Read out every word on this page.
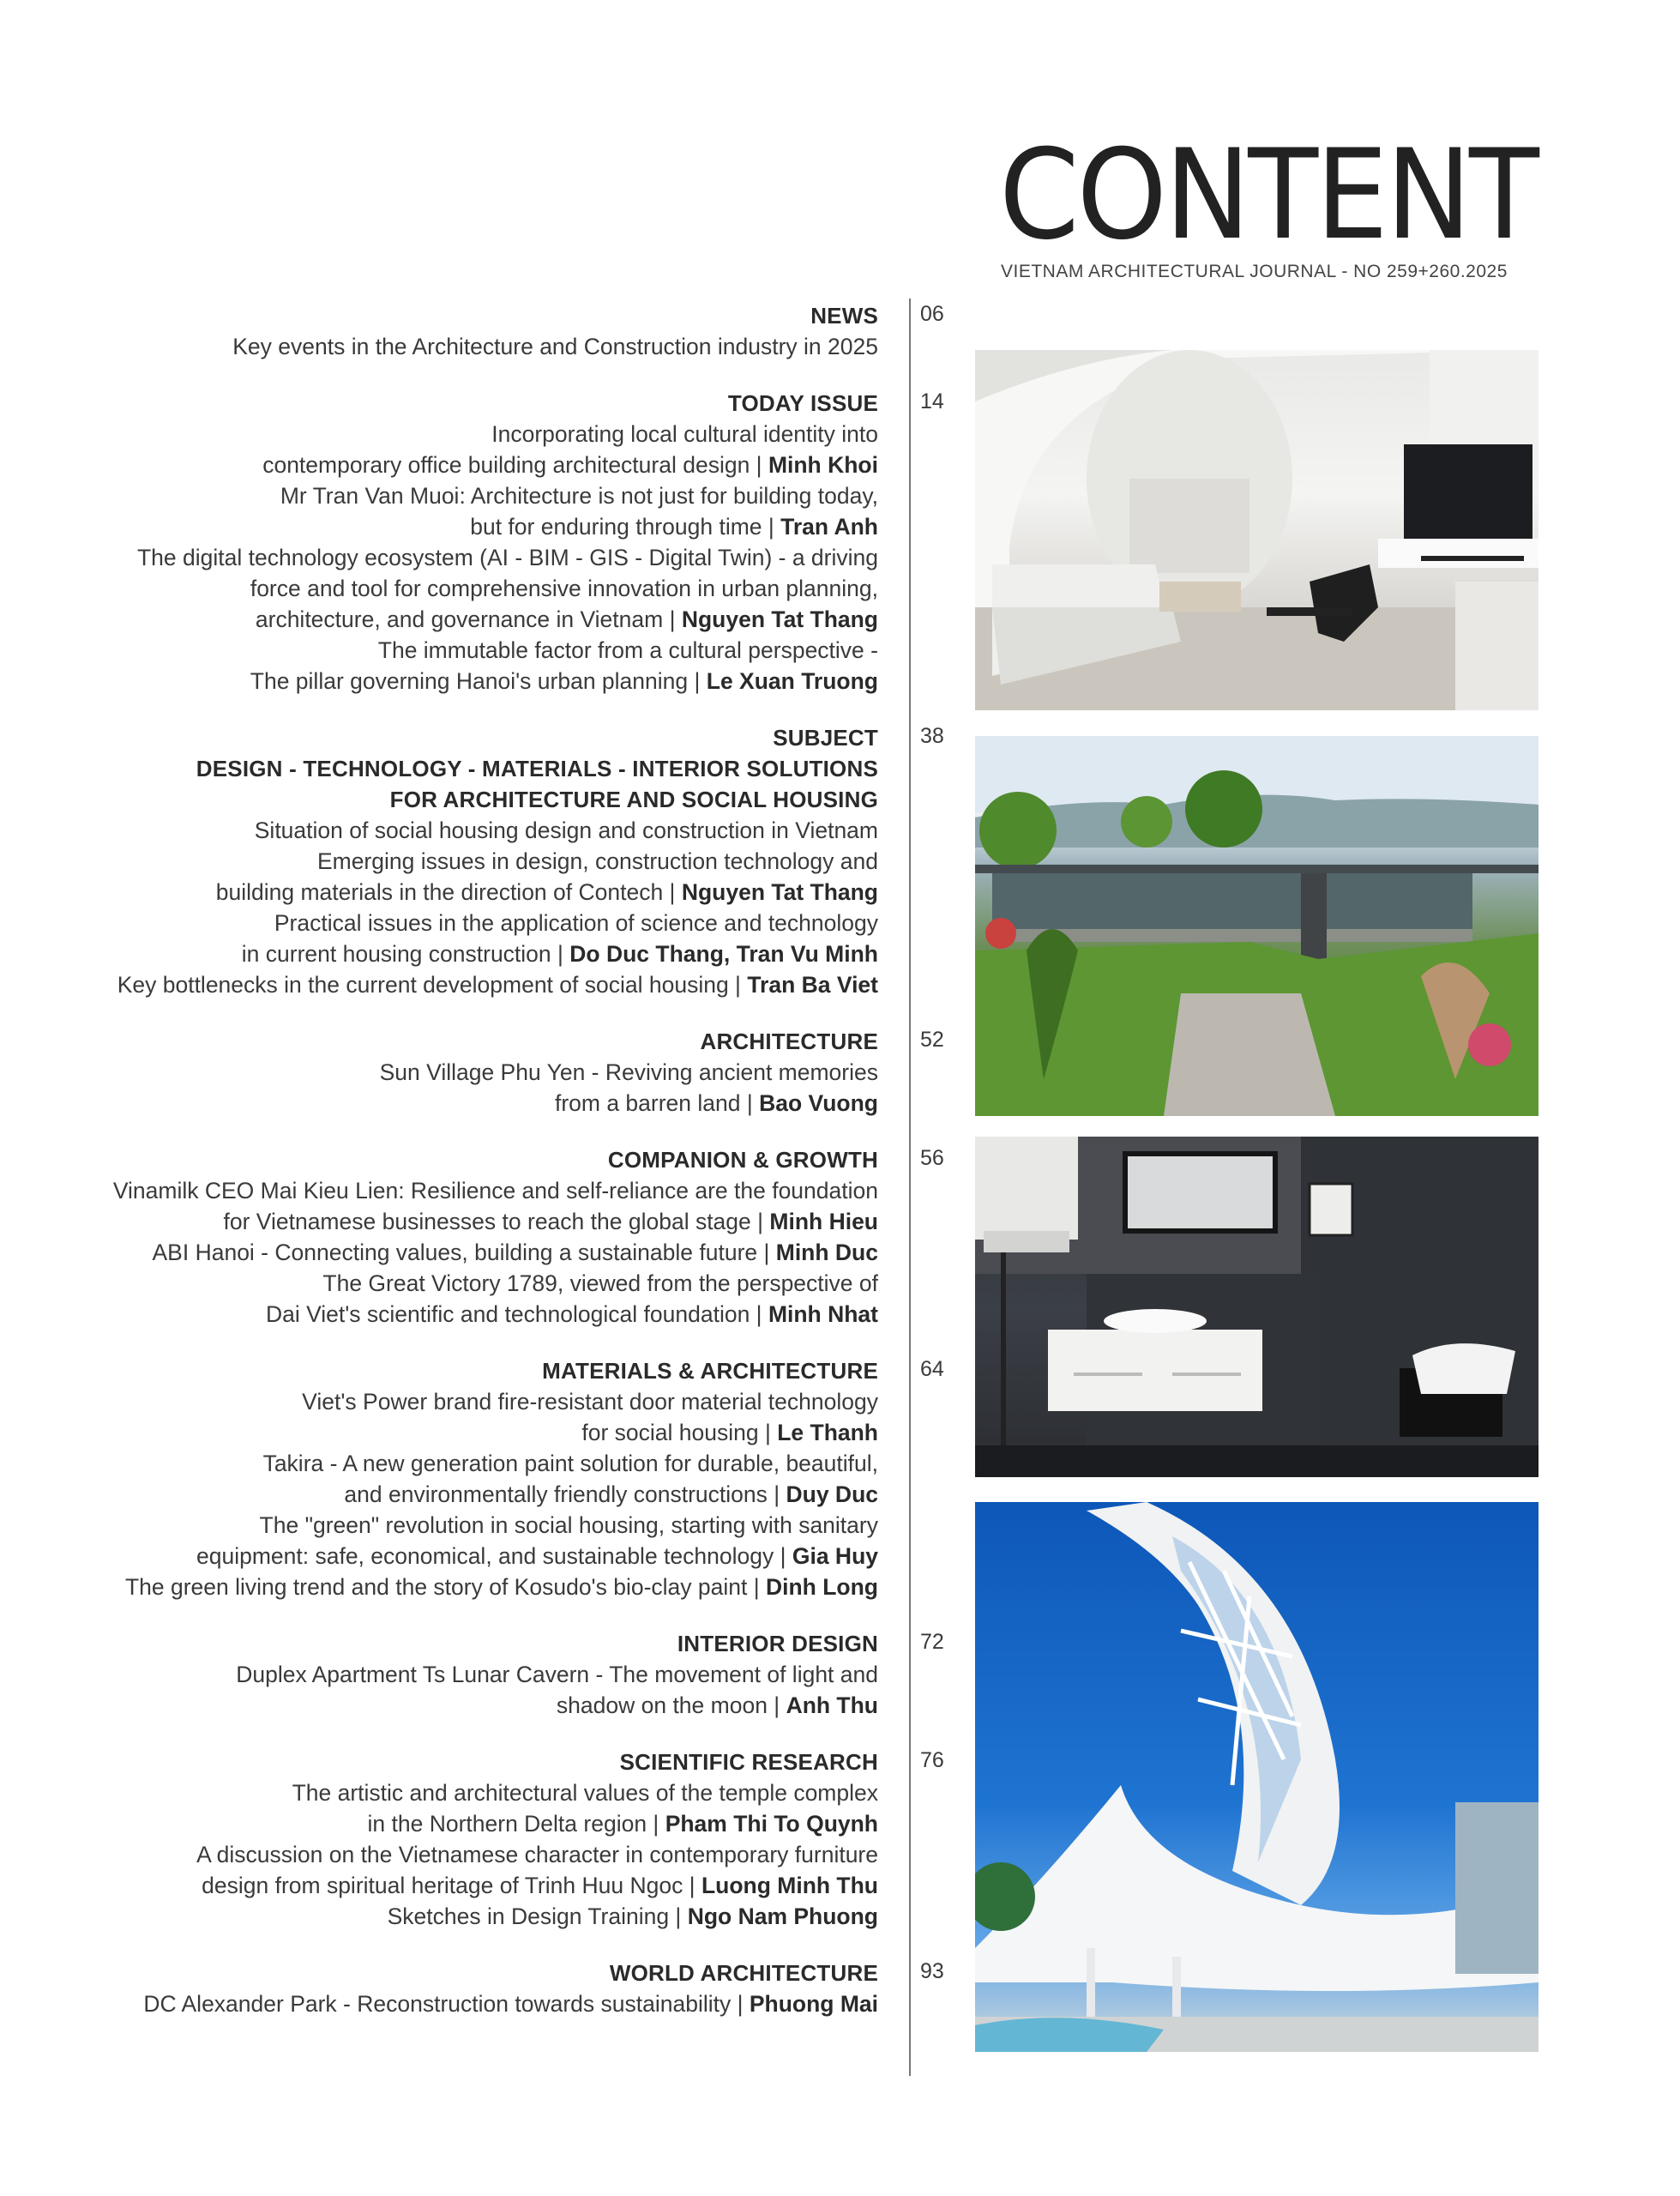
CONTENT
VIETNAM ARCHITECTURAL JOURNAL - NO 259+260.2025
NEWS
Key events in the Architecture and Construction industry in 2025
TODAY ISSUE
Incorporating local cultural identity into
contemporary office building architectural design | Minh Khoi
Mr Tran Van Muoi: Architecture is not just for building today,
but for enduring through time | Tran Anh
The digital technology ecosystem (AI - BIM - GIS - Digital Twin) - a driving
force and tool for comprehensive innovation in urban planning,
architecture, and governance in Vietnam | Nguyen Tat Thang
The immutable factor from a cultural perspective -
The pillar governing Hanoi's urban planning | Le Xuan Truong
SUBJECT
DESIGN - TECHNOLOGY - MATERIALS - INTERIOR SOLUTIONS
FOR ARCHITECTURE AND SOCIAL HOUSING
Situation of social housing design and construction in Vietnam
Emerging issues in design, construction technology and
building materials in the direction of Contech | Nguyen Tat Thang
Practical issues in the application of science and technology
in current housing construction | Do Duc Thang, Tran Vu Minh
Key bottlenecks in the current development of social housing | Tran Ba Viet
ARCHITECTURE
Sun Village Phu Yen - Reviving ancient memories
from a barren land | Bao Vuong
COMPANION & GROWTH
Vinamilk CEO Mai Kieu Lien: Resilience and self-reliance are the foundation
for Vietnamese businesses to reach the global stage | Minh Hieu
ABI Hanoi - Connecting values, building a sustainable future | Minh Duc
The Great Victory 1789, viewed from the perspective of
Dai Viet's scientific and technological foundation | Minh Nhat
MATERIALS & ARCHITECTURE
Viet's Power brand fire-resistant door material technology
for social housing | Le Thanh
Takira - A new generation paint solution for durable, beautiful,
and environmentally friendly constructions | Duy Duc
The "green" revolution in social housing, starting with sanitary
equipment: safe, economical, and sustainable technology | Gia Huy
The green living trend and the story of Kosudo's bio-clay paint | Dinh Long
INTERIOR DESIGN
Duplex Apartment Ts Lunar Cavern - The movement of light and
shadow on the moon | Anh Thu
SCIENTIFIC RESEARCH
The artistic and architectural values of the temple complex
in the Northern Delta region | Pham Thi To Quynh
A discussion on the Vietnamese character in contemporary furniture
design from spiritual heritage of Trinh Huu Ngoc | Luong Minh Thu
Sketches in Design Training | Ngo Nam Phuong
WORLD ARCHITECTURE
DC Alexander Park - Reconstruction towards sustainability | Phuong Mai
06
14
38
52
56
64
72
76
93
